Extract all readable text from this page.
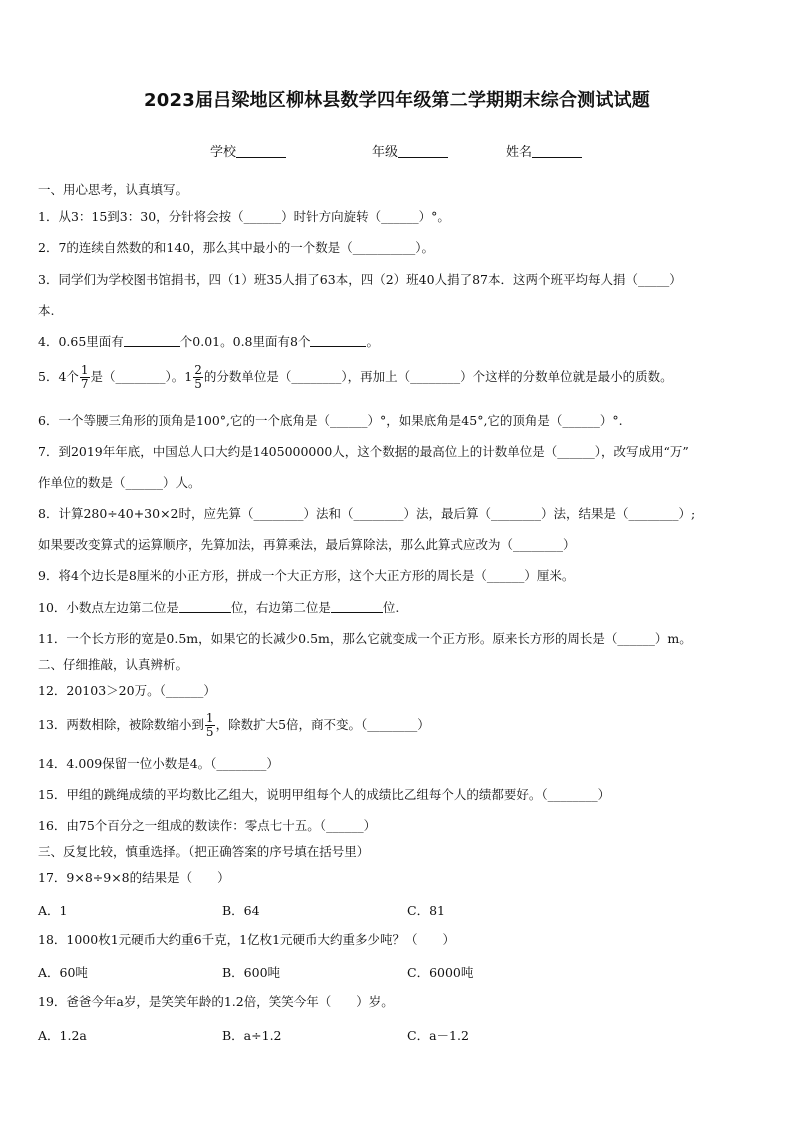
2023届吕梁地区柳林县数学四年级第二学期期末综合测试试题
学校	年级	姓名
一、用心思考，认真填写。
1．从3：15到3：30，分针将会按（______）时针方向旋转（______）°。
2．7的连续自然数的和140，那么其中最小的一个数是（__________）。
3．同学们为学校图书馆捐书，四（1）班35人捐了63本，四（2）班40人捐了87本．这两个班平均每人捐（_____）
本.
4．0.65里面有	个0.01。0.8里面有8个	。
5．4个 $\frac{1}{7}$ 是（________）。$1 \frac{2}{5}$ 的分数单位是（________），再加上（________）个这样的分数单位就是最小的质数。
6．一个等腰三角形的顶角是100°,它的一个底角是（______）°，如果底角是45°,它的顶角是（______）°.
7．到2019年年底，中国总人口大约是1405000000人，这个数据的最高位上的计数单位是（______），改写成用“万”
作单位的数是（______）人。
8．计算280÷40+30×2时，应先算（________）法和（________）法，最后算（________）法，结果是（________）;
如果要改变算式的运算顺序，先算加法，再算乘法，最后算除法，那么此算式应改为（________）
9．将4个边长是8厘米的小正方形，拼成一个大正方形，这个大正方形的周长是（______）厘米。
10．小数点左边第二位是	位，右边第二位是	位.
11．一个长方形的宽是0.5m，如果它的长减少0.5m，那么它就变成一个正方形。原来长方形的周长是（______）m。
二、仔细推敲，认真辨析。
12．20103＞20万。（______）
13．两数相除，被除数缩小到 $\frac{1}{5}$ ，除数扩大5倍，商不变。（________）
14．4.009保留一位小数是4。（________）
15．甲组的跳绳成绩的平均数比乙组大，说明甲组每个人的成绩比乙组每个人的绩都要好。（________）
16．由75个百分之一组成的数读作：零点七十五。（______）
三、反复比较，慎重选择。（把正确答案的序号填在括号里）
17．9×8÷9×8的结果是（　　）
A．1	B．64	C．81
18．1000枚1元硬币大约重6千克，1亿枚1元硬币大约重多少吨？（　　）
A．60吨	B．600吨	C．6000吨
19．爸爸今年a岁，是笑笑年龄的1.2倍，笑笑今年（　　）岁。
A．1.2a	B．a÷1.2	C．a－1.2
